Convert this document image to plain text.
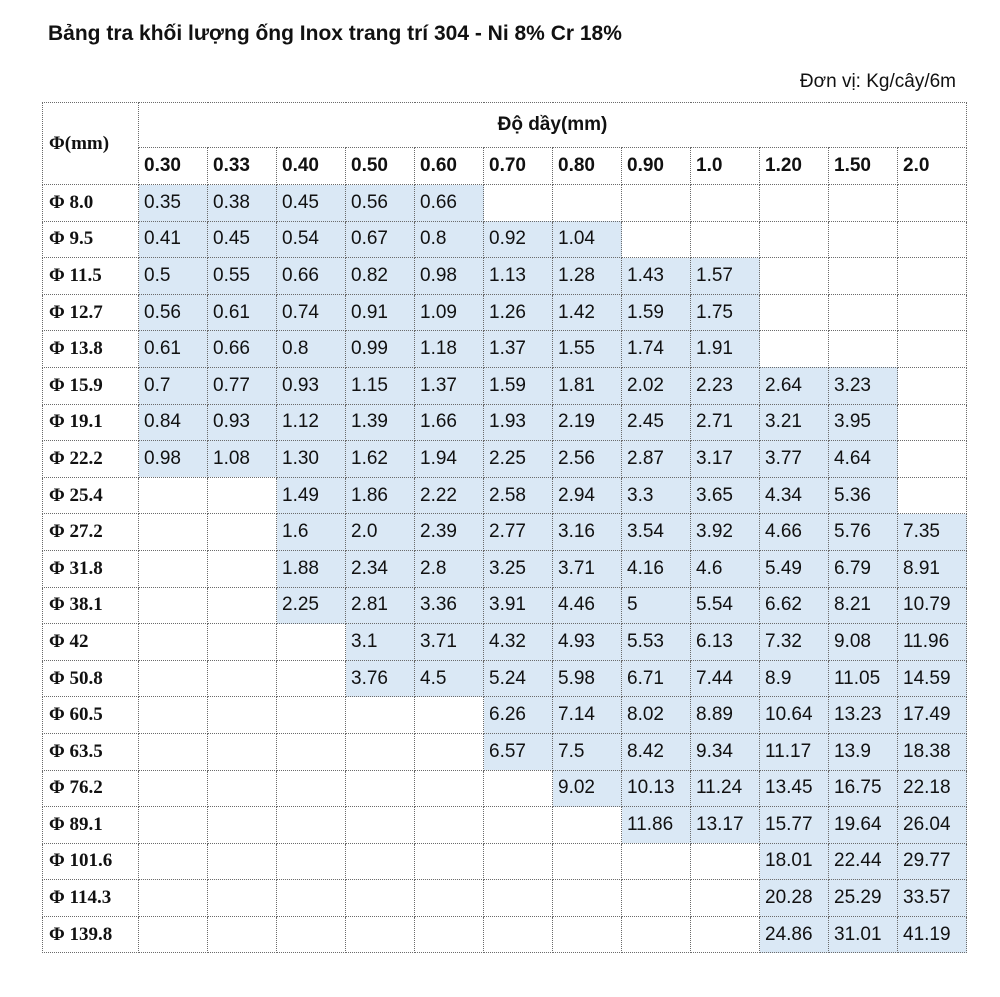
Bảng tra khối lượng ống Inox trang trí 304 - Ni 8% Cr 18%
Đơn vị: Kg/cây/6m
Φ(mm)	Độ dầy(mm)											
	0.30	0.33	0.40	0.50	0.60	0.70	0.80	0.90	1.0	1.20	1.50	2.0
Φ 8.0	0.35	0.38	0.45	0.56	0.66							
Φ 9.5	0.41	0.45	0.54	0.67	0.8	0.92	1.04					
Φ 11.5	0.5	0.55	0.66	0.82	0.98	1.13	1.28	1.43	1.57			
Φ 12.7	0.56	0.61	0.74	0.91	1.09	1.26	1.42	1.59	1.75			
Φ 13.8	0.61	0.66	0.8	0.99	1.18	1.37	1.55	1.74	1.91			
Φ 15.9	0.7	0.77	0.93	1.15	1.37	1.59	1.81	2.02	2.23	2.64	3.23	
Φ 19.1	0.84	0.93	1.12	1.39	1.66	1.93	2.19	2.45	2.71	3.21	3.95	
Φ 22.2	0.98	1.08	1.30	1.62	1.94	2.25	2.56	2.87	3.17	3.77	4.64	
Φ 25.4			1.49	1.86	2.22	2.58	2.94	3.3	3.65	4.34	5.36	
Φ 27.2			1.6	2.0	2.39	2.77	3.16	3.54	3.92	4.66	5.76	7.35
Φ 31.8			1.88	2.34	2.8	3.25	3.71	4.16	4.6	5.49	6.79	8.91
Φ 38.1			2.25	2.81	3.36	3.91	4.46	5	5.54	6.62	8.21	10.79
Φ 42				3.1	3.71	4.32	4.93	5.53	6.13	7.32	9.08	11.96
Φ 50.8				3.76	4.5	5.24	5.98	6.71	7.44	8.9	11.05	14.59
Φ 60.5						6.26	7.14	8.02	8.89	10.64	13.23	17.49
Φ 63.5						6.57	7.5	8.42	9.34	11.17	13.9	18.38
Φ 76.2							9.02	10.13	11.24	13.45	16.75	22.18
Φ 89.1								11.86	13.17	15.77	19.64	26.04
Φ 101.6										18.01	22.44	29.77
Φ 114.3										20.28	25.29	33.57
Φ 139.8										24.86	31.01	41.19
